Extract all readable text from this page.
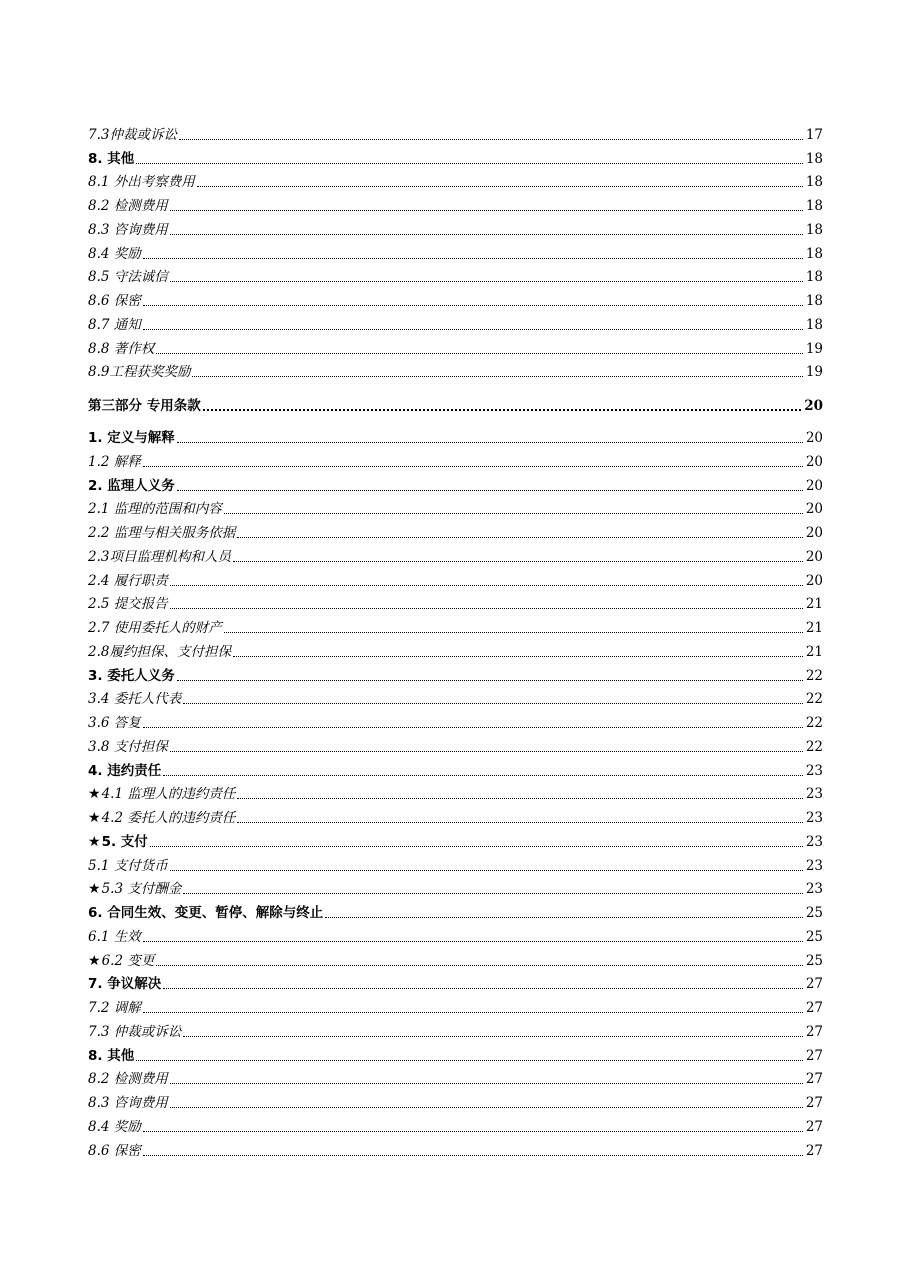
7.3仲裁或诉讼	17
8. 其他	18
8.1 外出考察费用	18
8.2 检测费用	18
8.3 咨询费用	18
8.4 奖励	18
8.5 守法诚信	18
8.6 保密	18
8.7 通知	18
8.8 著作权	19
8.9工程获奖奖励	19
第三部分 专用条款	20
1. 定义与解释	20
1.2 解释	20
2. 监理人义务	20
2.1 监理的范围和内容	20
2.2 监理与相关服务依据	20
2.3项目监理机构和人员	20
2.4 履行职责	20
2.5 提交报告	21
2.7 使用委托人的财产	21
2.8履约担保、支付担保	21
3. 委托人义务	22
3.4 委托人代表	22
3.6 答复	22
3.8 支付担保	22
4. 违约责任	23
★4.1 监理人的违约责任	23
★4.2 委托人的违约责任	23
★5. 支付	23
5.1 支付货币	23
★5.3 支付酬金	23
6. 合同生效、变更、暂停、解除与终止	25
6.1 生效	25
★6.2 变更	25
7. 争议解决	27
7.2 调解	27
7.3 仲裁或诉讼	27
8. 其他	27
8.2 检测费用	27
8.3 咨询费用	27
8.4 奖励	27
8.6 保密	27
